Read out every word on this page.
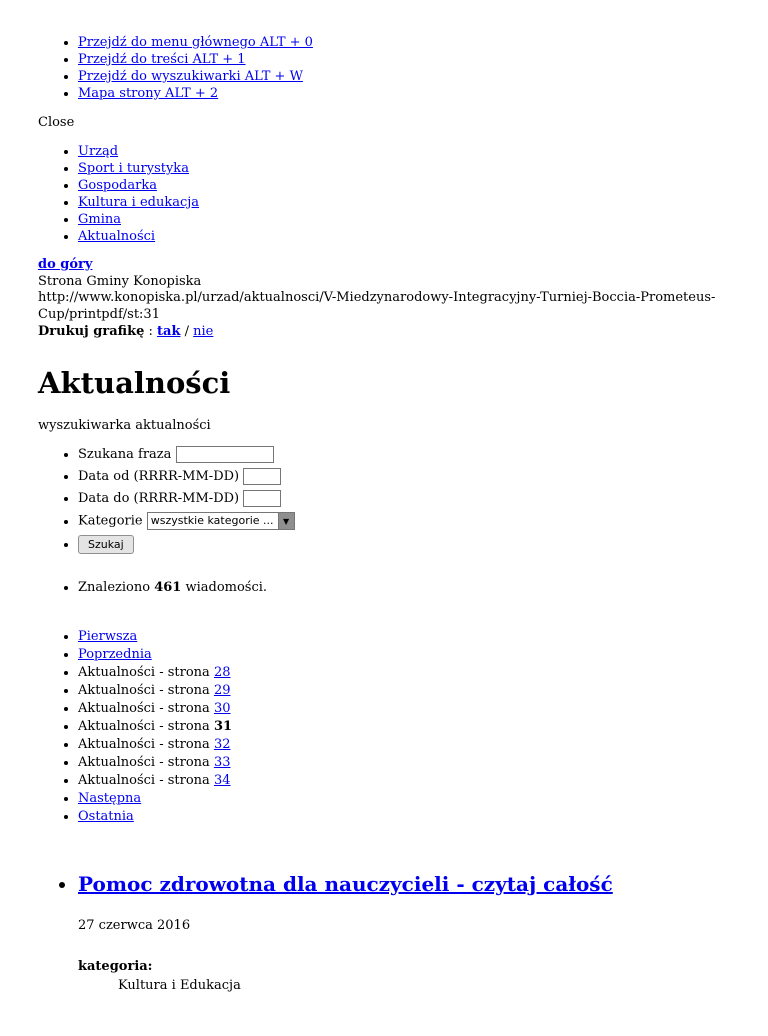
• Przejdź do menu głównego ALT + 0
• Przejdź do treści ALT + 1
• Przejdź do wyszukiwarki ALT + W
• Mapa strony ALT + 2
Close
• Urząd
• Sport i turystyka
• Gospodarka
• Kultura i edukacja
• Gmina
• Aktualności
do góry
Strona Gminy Konopiska
http://www.konopiska.pl/urzad/aktualnosci/V-Miedzynarodowy-Integracyjny-Turniej-Boccia-Prometeus-Cup/printpdf/st:31
Drukuj grafikę : tak / nie
Aktualności
wyszukiwarka aktualności
• Szukana fraza
• Data od (RRRR-MM-DD)
• Data do (RRRR-MM-DD)
• Kategorie wszystkie kategorie ...	▼
• Szukaj
• Znaleziono 461 wiadomości.
• Pierwsza
• Poprzednia
• Aktualności - strona 28
• Aktualności - strona 29
• Aktualności - strona 30
• Aktualności - strona 31
• Aktualności - strona 32
• Aktualności - strona 33
• Aktualności - strona 34
• Następna
• Ostatnia
• Pomoc zdrowotna dla nauczycieli - czytaj całość

27 czerwca 2016

kategoria:

Kultura i Edukacja
